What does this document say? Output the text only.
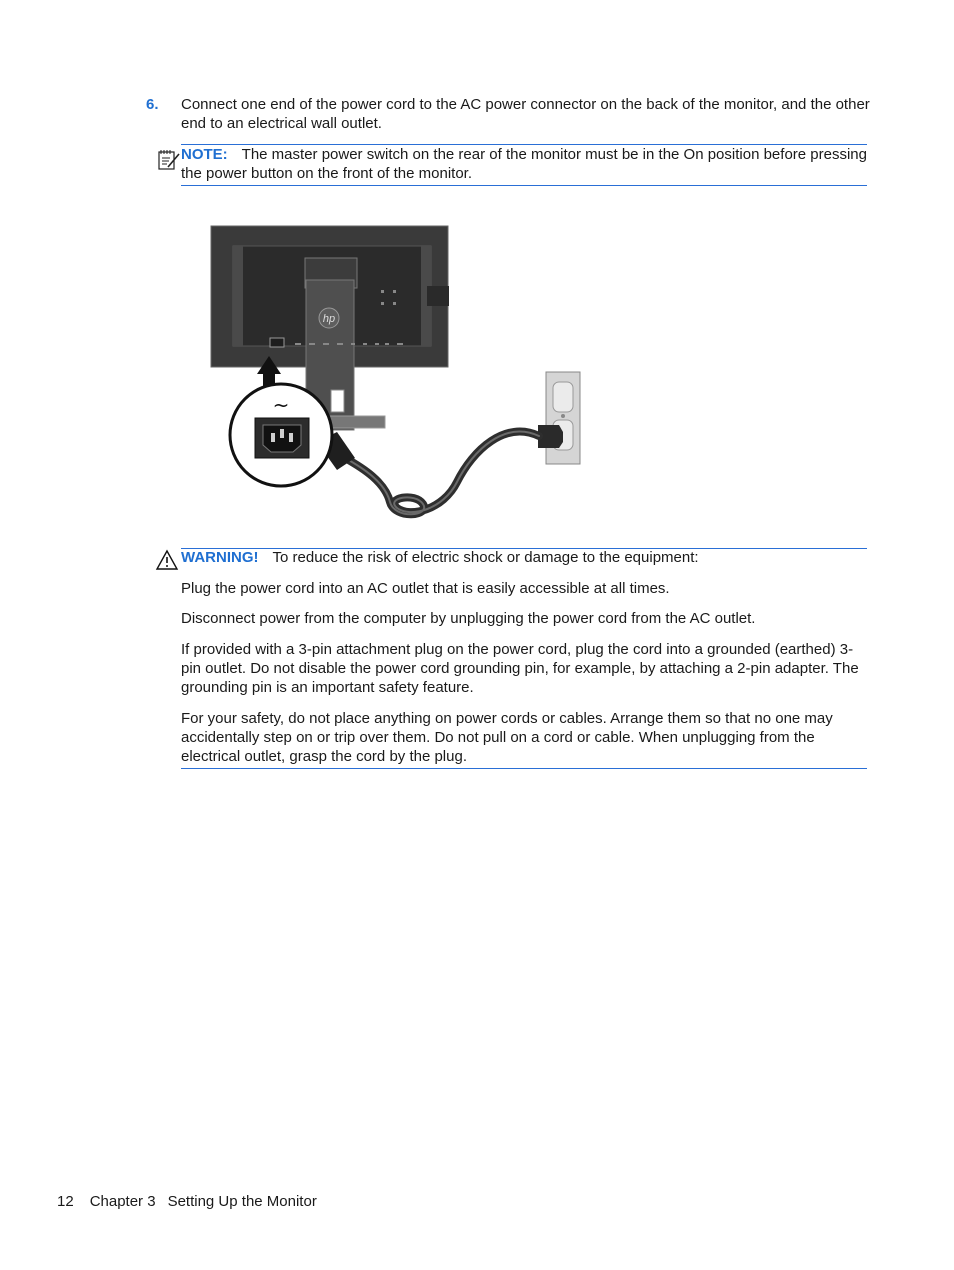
6. Connect one end of the power cord to the AC power connector on the back of the monitor, and the other end to an electrical wall outlet.
NOTE: The master power switch on the rear of the monitor must be in the On position before pressing the power button on the front of the monitor.
hp
~
WARNING! To reduce the risk of electric shock or damage to the equipment:
Plug the power cord into an AC outlet that is easily accessible at all times.
Disconnect power from the computer by unplugging the power cord from the AC outlet.
If provided with a 3-pin attachment plug on the power cord, plug the cord into a grounded (earthed) 3-pin outlet. Do not disable the power cord grounding pin, for example, by attaching a 2-pin adapter. The grounding pin is an important safety feature.
For your safety, do not place anything on power cords or cables. Arrange them so that no one may accidentally step on or trip over them. Do not pull on a cord or cable. When unplugging from the electrical outlet, grasp the cord by the plug.
12 Chapter 3 Setting Up the Monitor
